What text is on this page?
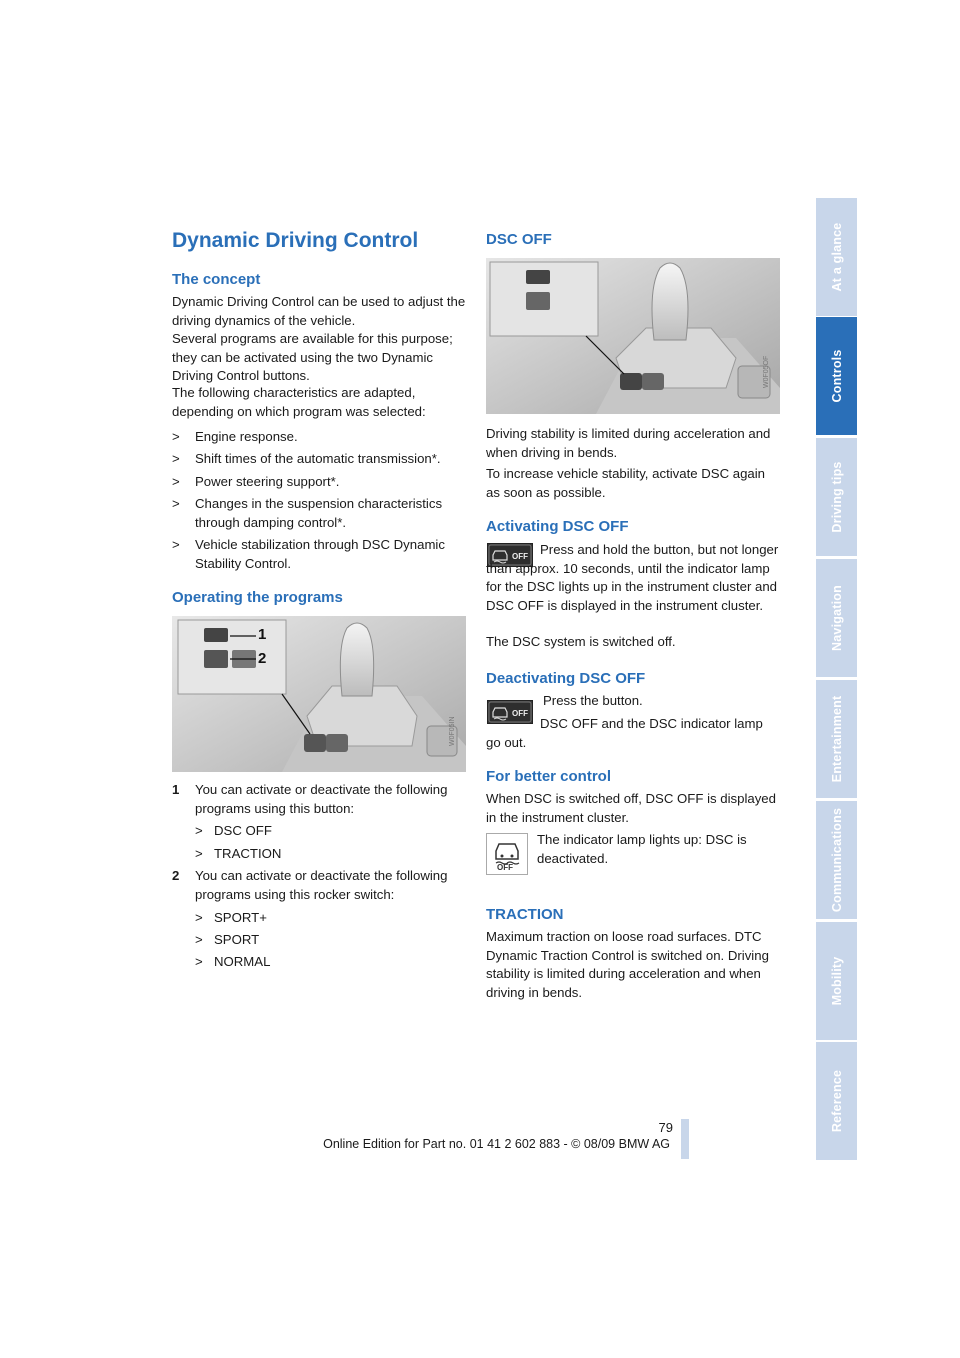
At a glance
Controls
Driving tips
Navigation
Entertainment
Communications
Mobility
Reference
Dynamic Driving Control
The concept
Dynamic Driving Control can be used to adjust the driving dynamics of the vehicle.
Several programs are available for this purpose; they can be activated using the two Dynamic Driving Control buttons.
The following characteristics are adapted, depending on which program was selected:
> Engine response.
> Shift times of the automatic transmission*.
> Power steering support*.
> Changes in the suspension characteristics through damping control*.
> Vehicle stabilization through DSC Dynamic Stability Control.
Operating the programs
W0F05IN
1
2
1 You can activate or deactivate the following programs using this button:
> DSC OFF
> TRACTION
2 You can activate or deactivate the following programs using this rocker switch:
> SPORT+
> SPORT
> NORMAL
DSC OFF
W0F05OF
Driving stability is limited during acceleration and when driving in bends.
To increase vehicle stability, activate DSC again as soon as possible.
Activating DSC OFF
OFF Press and hold the button, but not longer than approx. 10 seconds, until the indicator lamp for the DSC lights up in the instrument cluster and DSC OFF is displayed in the instrument cluster.
The DSC system is switched off.
Deactivating DSC OFF
OFF
Press the button.
DSC OFF and the DSC indicator lamp go out.
For better control
When DSC is switched off, DSC OFF is displayed in the instrument cluster.
OFF
The indicator lamp lights up: DSC is deactivated.
TRACTION
Maximum traction on loose road surfaces. DTC Dynamic Traction Control is switched on. Driving stability is limited during acceleration and when driving in bends.
79
Online Edition for Part no. 01 41 2 602 883 - © 08/09 BMW AG
